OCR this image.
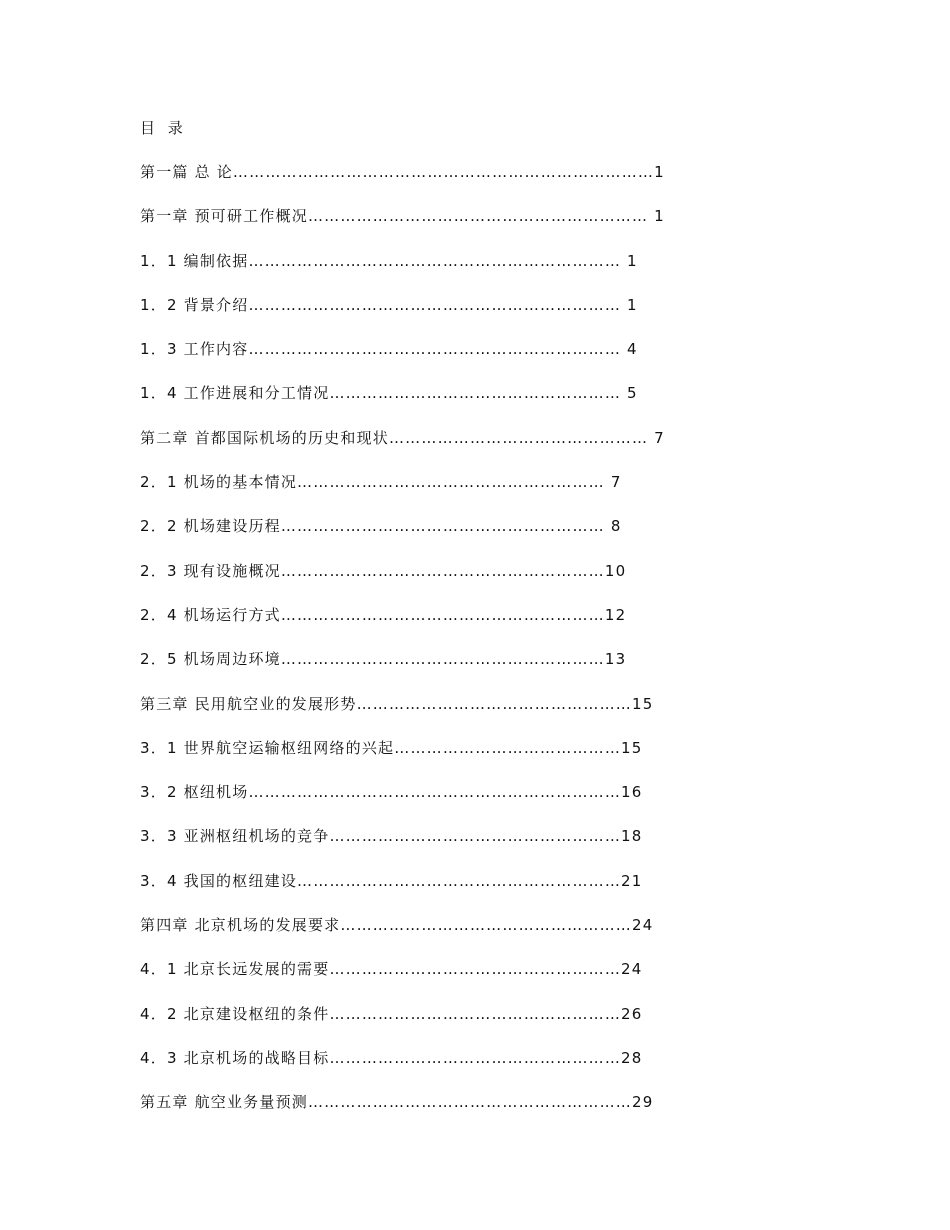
目 录
第一篇 总 论……………………………………………………………………1
第一章 预可研工作概况……………………………………………………… 1
1．1 编制依据…………………………………………………………… 1
1．2 背景介绍…………………………………………………………… 1
1．3 工作内容…………………………………………………………… 4
1．4 工作进展和分工情况……………………………………………… 5
第二章 首都国际机场的历史和现状………………………………………… 7
2．1 机场的基本情况………………………………………………… 7
2．2 机场建设历程…………………………………………………… 8
2．3 现有设施概况……………………………………………………10
2．4 机场运行方式……………………………………………………12
2．5 机场周边环境……………………………………………………13
第三章 民用航空业的发展形势……………………………………………15
3．1 世界航空运输枢纽网络的兴起……………………………………15
3．2 枢纽机场……………………………………………………………16
3．3 亚洲枢纽机场的竞争………………………………………………18
3．4 我国的枢纽建设……………………………………………………21
第四章 北京机场的发展要求………………………………………………24
4．1 北京长远发展的需要………………………………………………24
4．2 北京建设枢纽的条件………………………………………………26
4．3 北京机场的战略目标………………………………………………28
第五章 航空业务量预测……………………………………………………29
